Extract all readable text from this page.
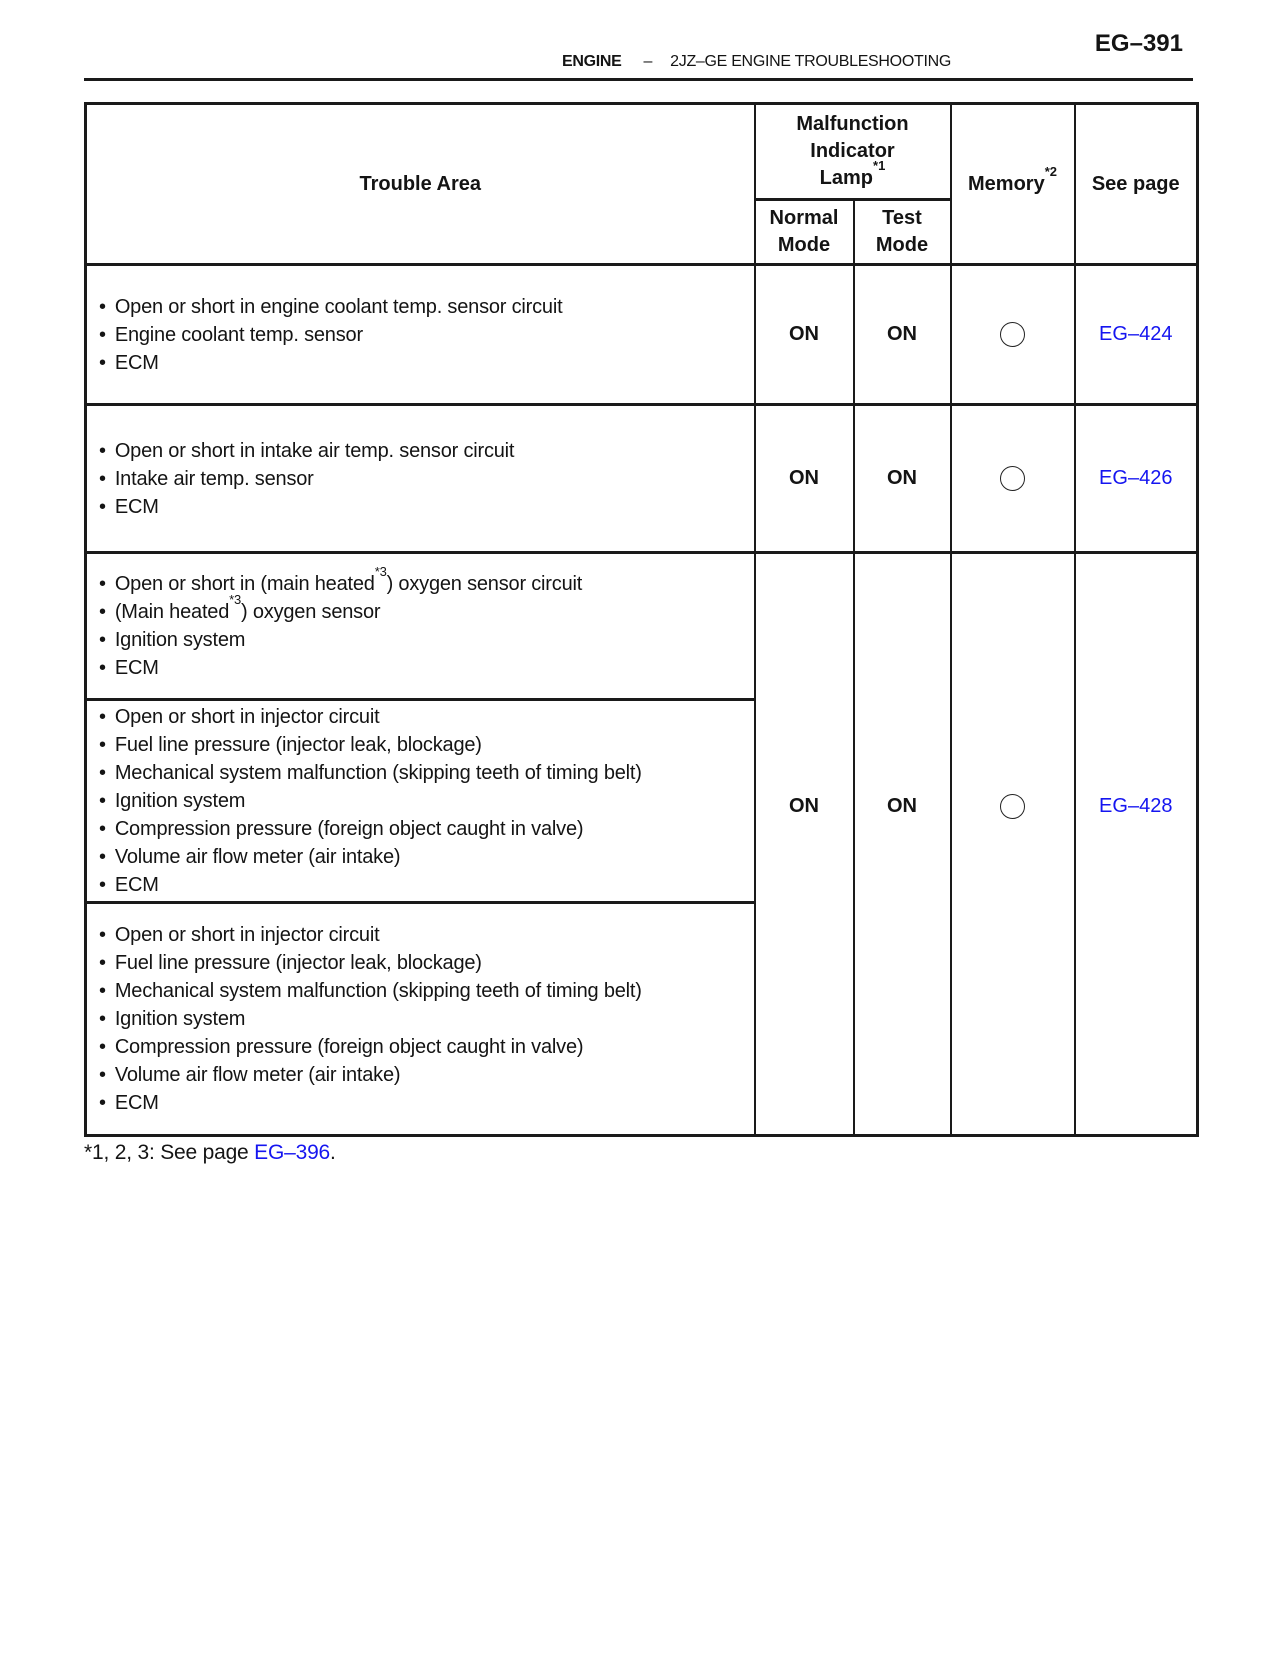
EG–391
ENGINE – 2JZ–GE ENGINE TROUBLESHOOTING
Trouble Area	Malfunction
Indicator
Lamp$^{*1}$		Memory$^{*2}$	See page

Normal
Mode

Test
Mode

• Open or short in engine coolant temp. sensor circuit
• Engine coolant temp. sensor
• ECM
	ON	ON		EG–424

• Open or short in intake air temp. sensor circuit
• Intake air temp. sensor
• ECM
	ON	ON		EG–426

• Open or short in (main heated$^{*3}$) oxygen sensor circuit
• (Main heated$^{*3}$) oxygen sensor
• Ignition system
• ECM
	ON	ON		EG–428

• Open or short in injector circuit
• Fuel line pressure (injector leak, blockage)
• Mechanical system malfunction (skipping teeth of timing belt)
• Ignition system
• Compression pressure (foreign object caught in valve)
• Volume air flow meter (air intake)
• ECM

• Open or short in injector circuit
• Fuel line pressure (injector leak, blockage)
• Mechanical system malfunction (skipping teeth of timing belt)
• Ignition system
• Compression pressure (foreign object caught in valve)
• Volume air flow meter (air intake)
• ECM
*1, 2, 3: See page EG–396.
